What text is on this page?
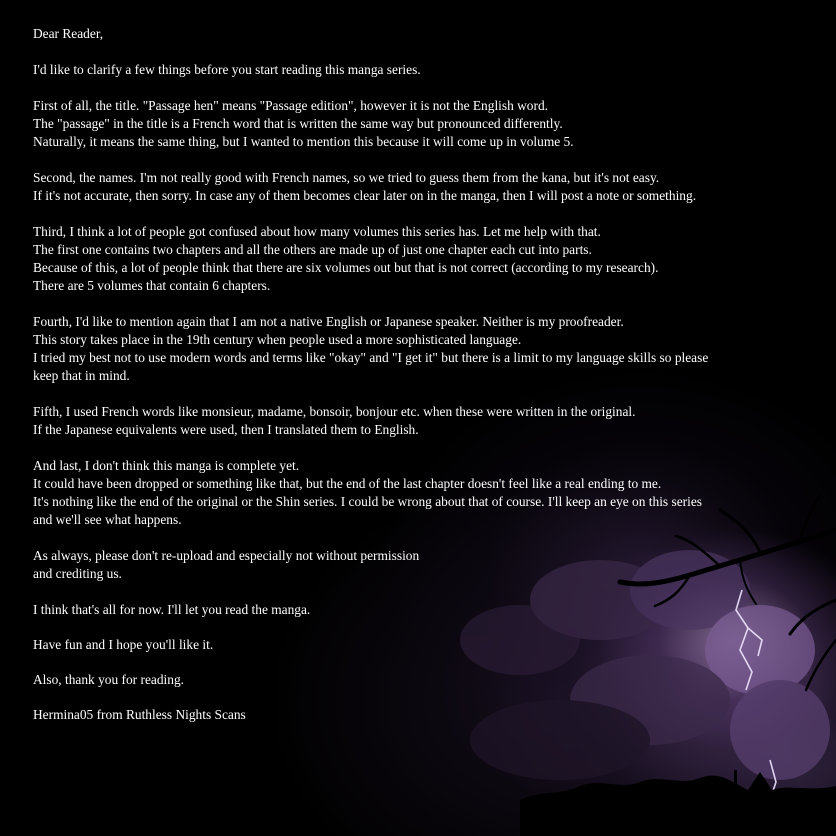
Dear Reader,

I'd like to clarify a few things before you start reading this manga series.

First of all, the title. "Passage hen" means "Passage edition", however it is not the English word.
The "passage" in the title is a French word that is written the same way but pronounced differently.
Naturally, it means the same thing, but I wanted to mention this because it will come up in volume 5.

Second, the names. I'm not really good with French names, so we tried to guess them from the kana, but it's not easy.
If it's not accurate, then sorry. In case any of them becomes clear later on in the manga, then I will post a note or something.

Third, I think a lot of people got confused about how many volumes this series has. Let me help with that.
The first one contains two chapters and all the others are made up of just one chapter each cut into parts.
Because of this, a lot of people think that there are six volumes out but that is not correct (according to my research).
There are 5 volumes that contain 6 chapters.

Fourth, I'd like to mention again that I am not a native English or Japanese speaker. Neither is my proofreader.
This story takes place in the 19th century when people used a more sophisticated language.
I tried my best not to use modern words and terms like "okay" and "I get it" but there is a limit to my language skills so please
keep that in mind.

Fifth, I used French words like monsieur, madame, bonsoir, bonjour etc. when these were written in the original.
If the Japanese equivalents were used, then I translated them to English.

And last, I don't think this manga is complete yet.
It could have been dropped or something like that, but the end of the last chapter doesn't feel like a real ending to me.
It's nothing like the end of the original or the Shin series. I could be wrong about that of course. I'll keep an eye on this series
and we'll see what happens.

As always, please don't re-upload and especially not without permission
and crediting us.

I think that's all for now. I'll let you read the manga.

Have fun and I hope you'll like it.

Also, thank you for reading.

Hermina05 from Ruthless Nights Scans
